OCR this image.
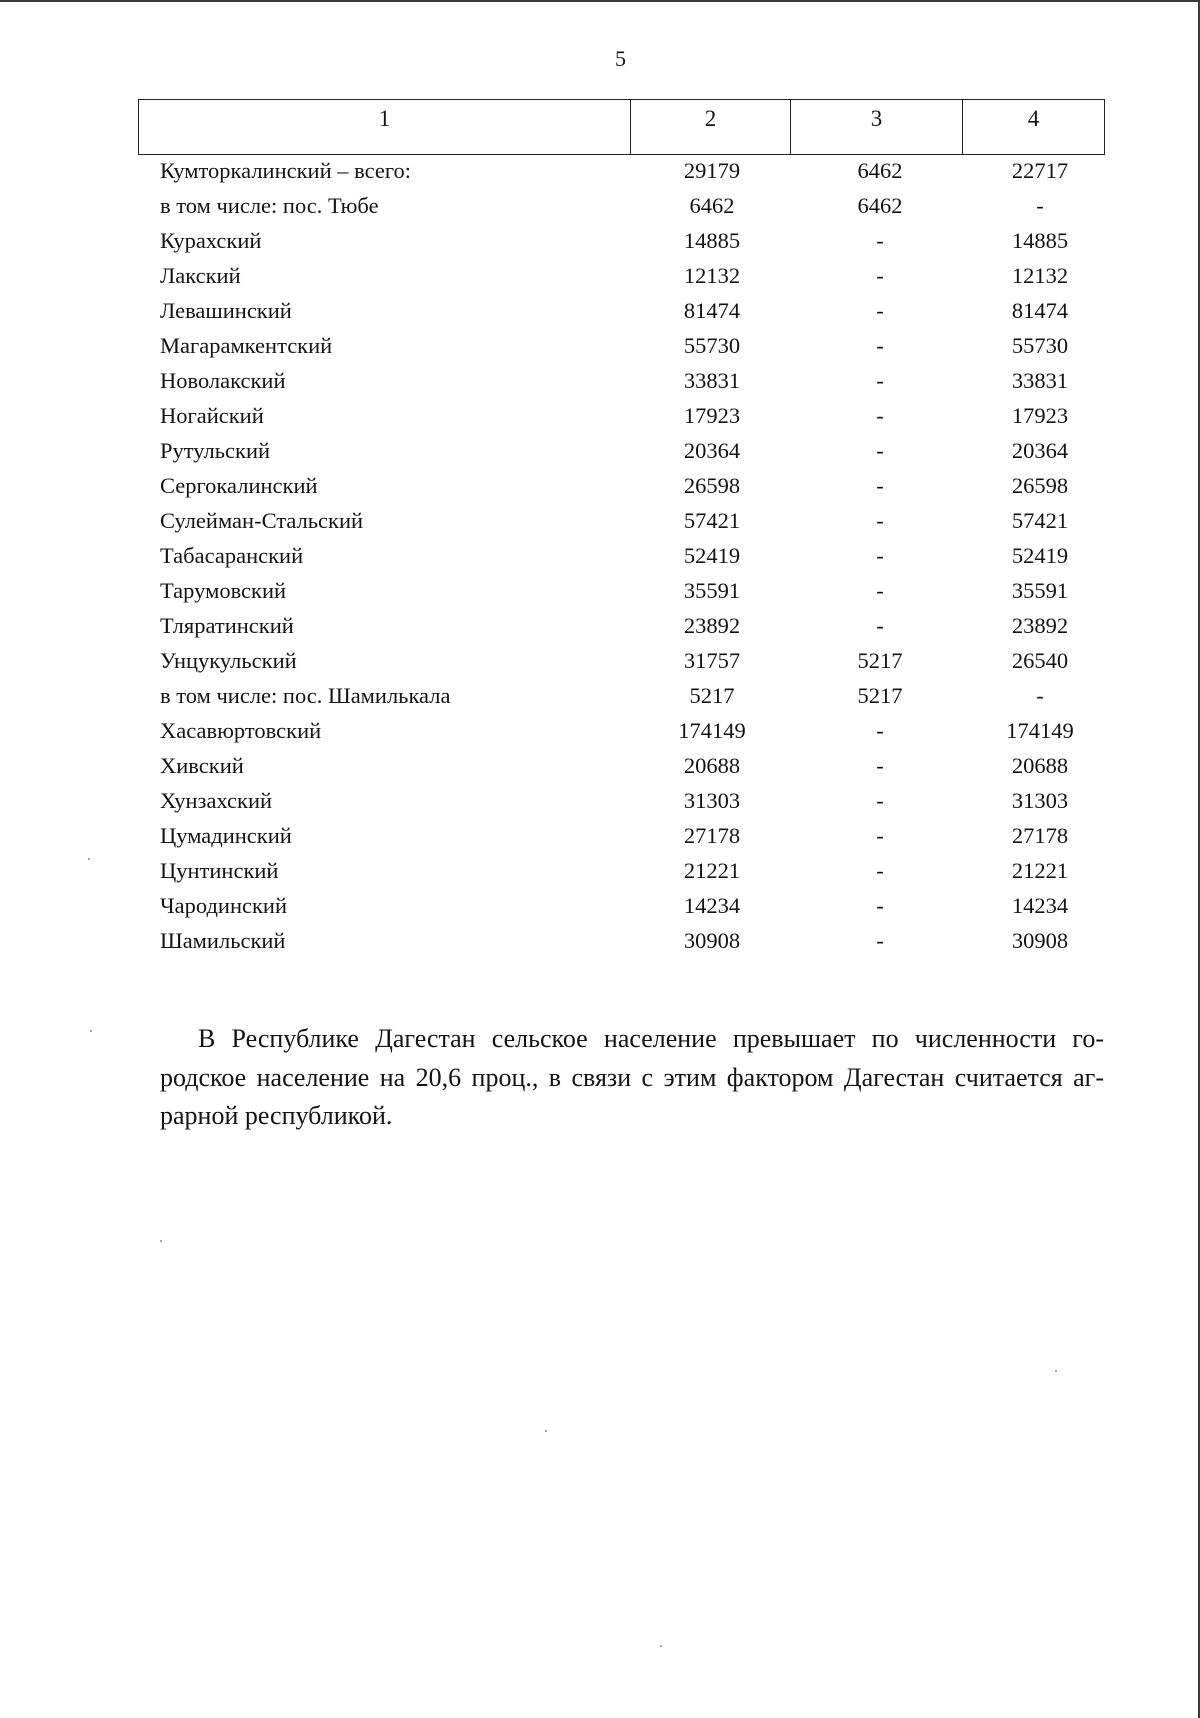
5
1	2	3	4
Кумторкалинский – всего:	29179	6462	22717
в том числе: пос. Тюбе	6462	6462	-
Курахский	14885	-	14885
Лакский	12132	-	12132
Левашинский	81474	-	81474
Магарамкентский	55730	-	55730
Новолакский	33831	-	33831
Ногайский	17923	-	17923
Рутульский	20364	-	20364
Сергокалинский	26598	-	26598
Сулейман-Стальский	57421	-	57421
Табасаранский	52419	-	52419
Тарумовский	35591	-	35591
Тляратинский	23892	-	23892
Унцукульский	31757	5217	26540
в том числе: пос. Шамилькала	5217	5217	-
Хасавюртовский	174149	-	174149
Хивский	20688	-	20688
Хунзахский	31303	-	31303
Цумадинский	27178	-	27178
Цунтинский	21221	-	21221
Чародинский	14234	-	14234
Шамильский	30908	-	30908
В Республике Дагестан сельское население превышает по численности го-
родское население на 20,6 проц., в связи с этим фактором Дагестан считается аг-
рарной республикой.
